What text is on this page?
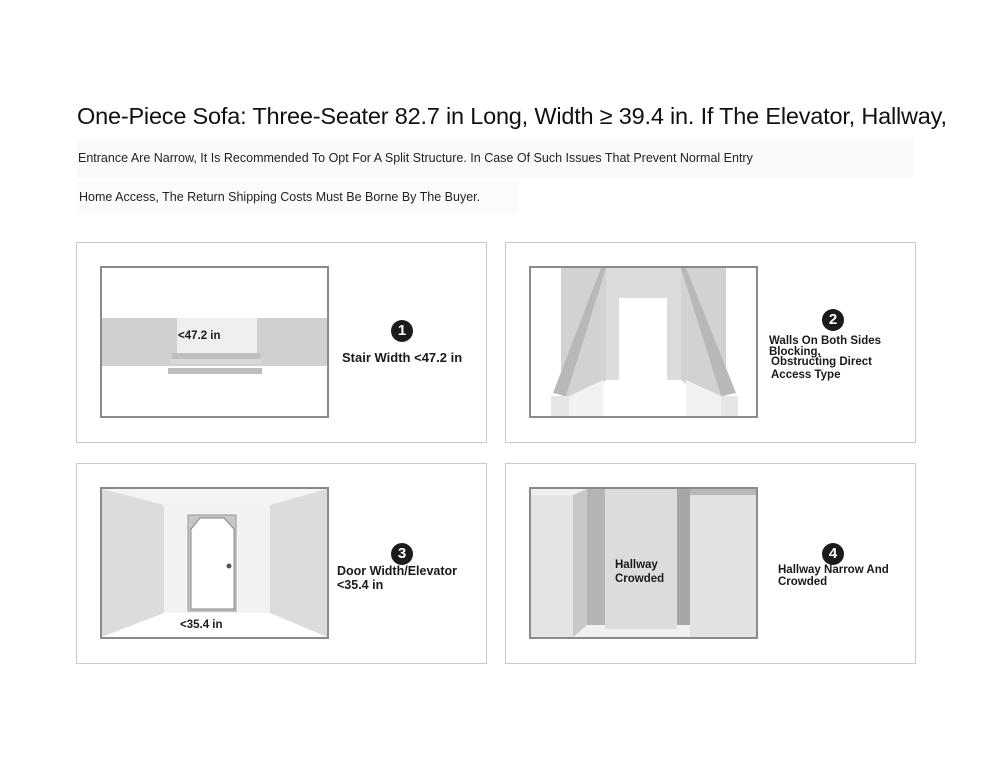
One-Piece Sofa: Three-Seater 82.7 in Long, Width ≥ 39.4 in. If The Elevator, Hallway,
Entrance Are Narrow, It Is Recommended To Opt For A Split Structure. In Case Of Such Issues That Prevent Normal Entry
Home Access, The Return Shipping Costs Must Be Borne By The Buyer.
<47.2 in	1
Stair Width <47.2 in
2
Walls On Both Sides
Blocking,
Obstructing Direct
Access Type
<35.4 in
3
Door Width/Elevator
<35.4 in
Hallway
Crowded
4
Hallway Narrow And
Crowded
